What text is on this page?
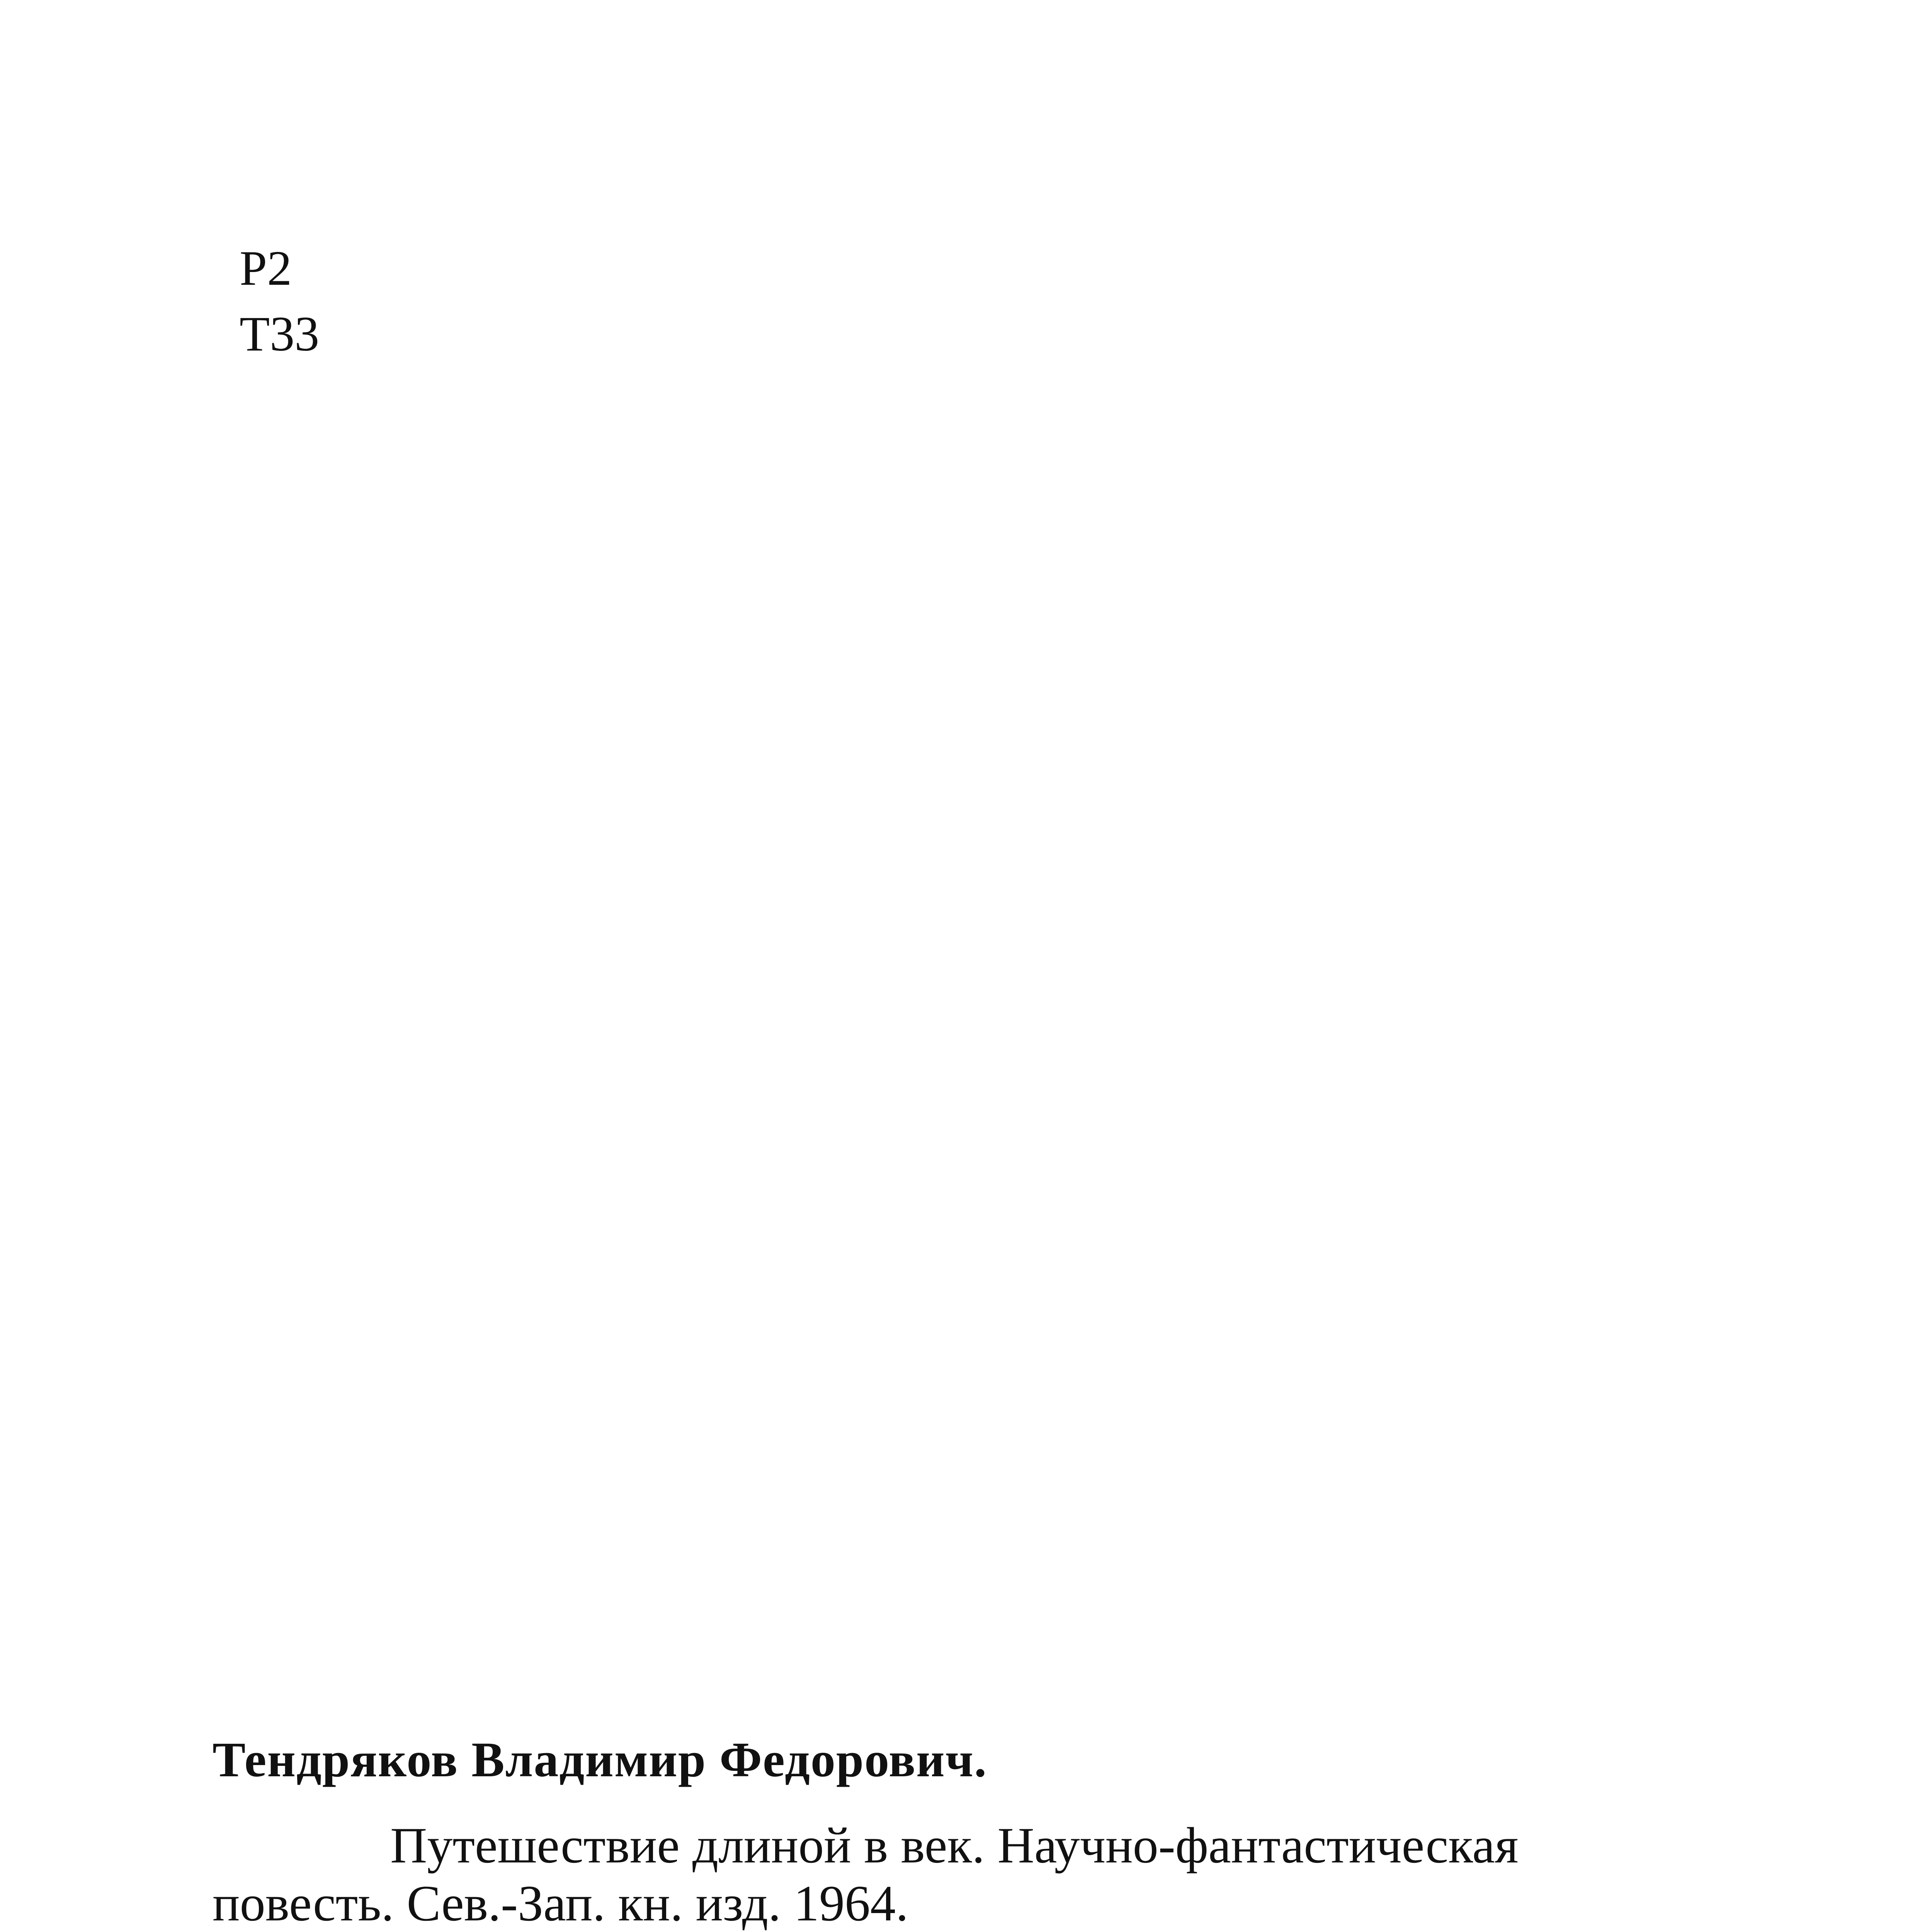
Р2
Т33
Тендряков Владимир Федорович.
Путешествие длиной в век. Научно-фантастическая
повесть. Сев.-Зап. кн. изд. 1964.
